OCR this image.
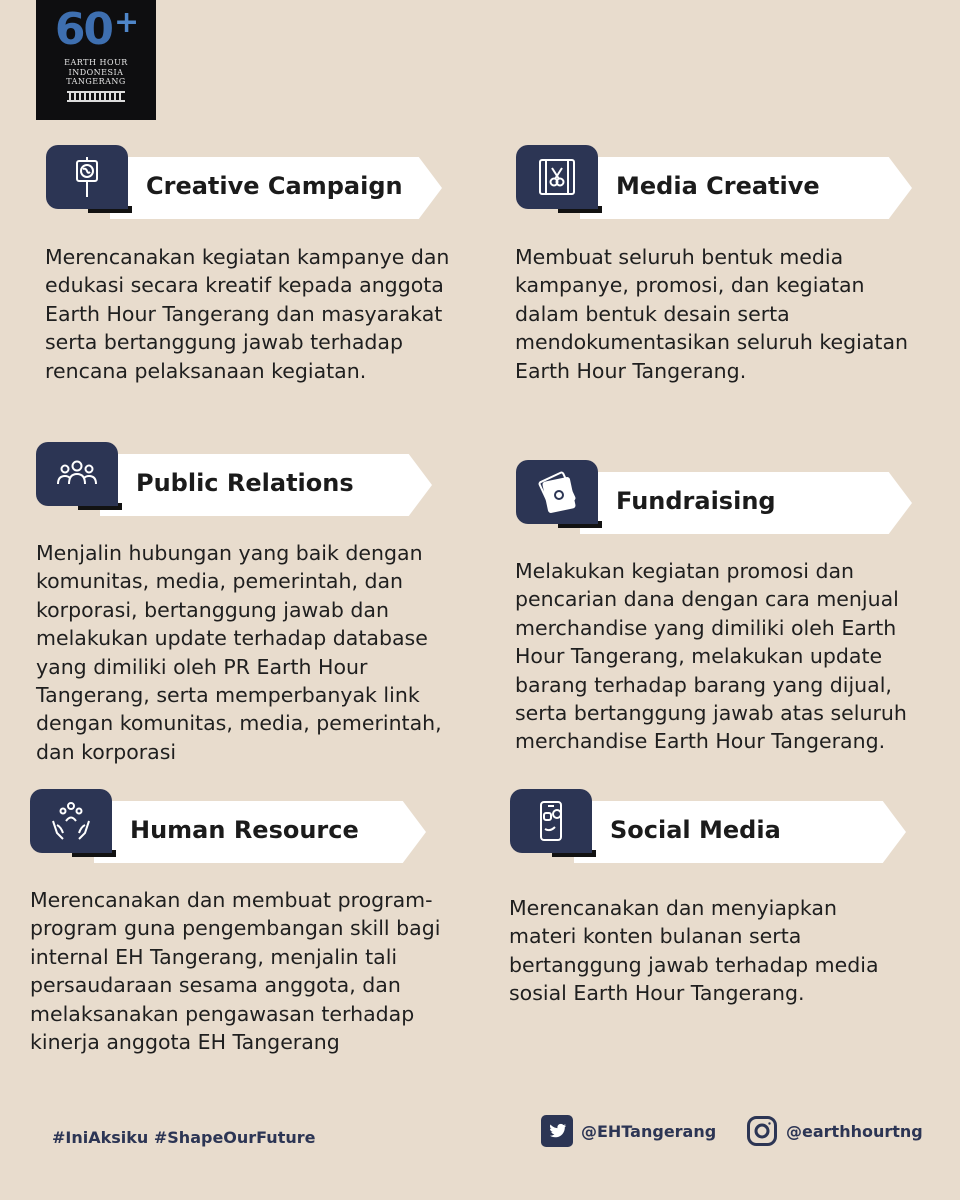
60+
EARTH HOUR
INDONESIA
TANGERANG
Creative Campaign
Merencanakan kegiatan kampanye dan
edukasi secara kreatif kepada anggota
Earth Hour Tangerang dan masyarakat
serta bertanggung jawab terhadap
rencana pelaksanaan kegiatan.
Media Creative
Membuat seluruh bentuk media
kampanye, promosi, dan kegiatan
dalam bentuk desain serta
mendokumentasikan seluruh kegiatan
Earth Hour Tangerang.
Public Relations
Menjalin hubungan yang baik dengan
komunitas, media, pemerintah, dan
korporasi, bertanggung jawab dan
melakukan update terhadap database
yang dimiliki oleh PR Earth Hour
Tangerang, serta memperbanyak link
dengan komunitas, media, pemerintah,
dan korporasi
Fundraising
Melakukan kegiatan promosi dan
pencarian dana dengan cara menjual
merchandise yang dimiliki oleh Earth
Hour Tangerang, melakukan update
barang terhadap barang yang dijual,
serta bertanggung jawab atas seluruh
merchandise Earth Hour Tangerang.
Human Resource
Merencanakan dan membuat program-
program guna pengembangan skill bagi
internal EH Tangerang, menjalin tali
persaudaraan sesama anggota, dan
melaksanakan pengawasan terhadap
kinerja anggota EH Tangerang
Social Media
Merencanakan dan menyiapkan
materi konten bulanan serta
bertanggung jawab terhadap media
sosial Earth Hour Tangerang.
#IniAksiku #ShapeOurFuture	@EHTangerang	@earthhourtng
